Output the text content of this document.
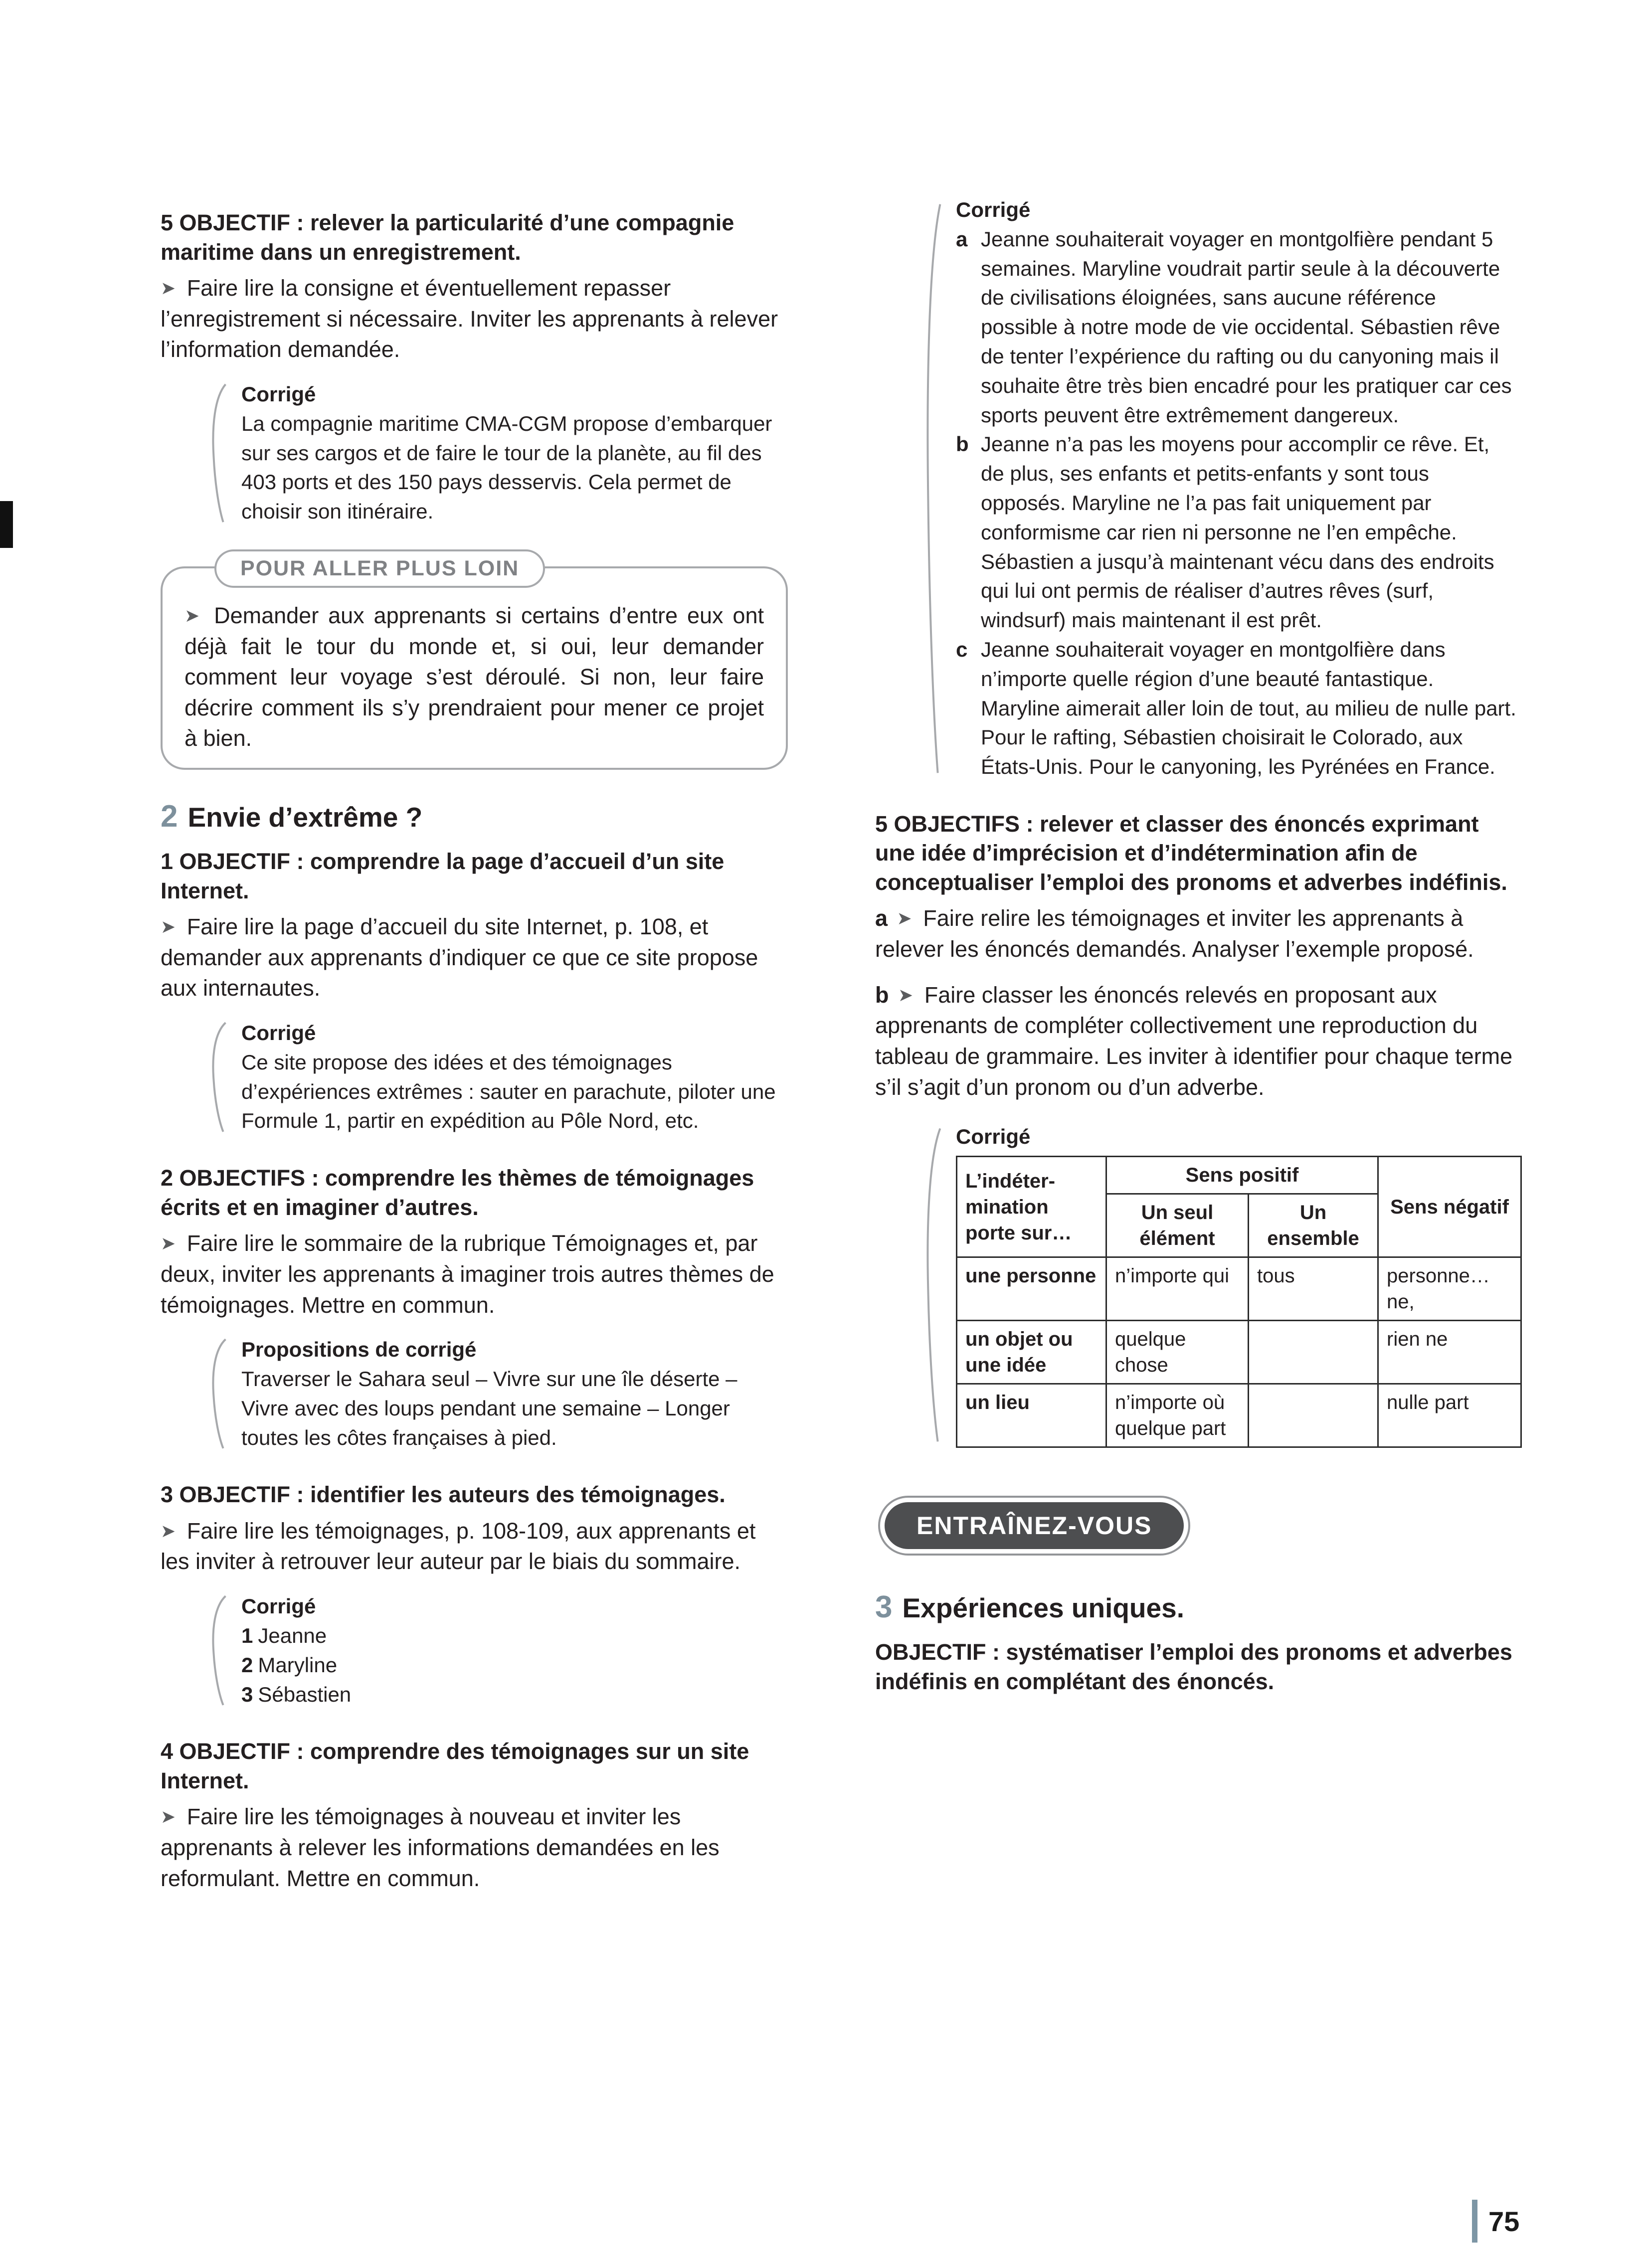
5 OBJECTIF : relever la particularité d’une compagnie maritime dans un enregistrement.

➤ Faire lire la consigne et éventuellement repasser l’enregistrement si nécessaire. Inviter les apprenants à relever l’information demandée.

Corrigé
La compagnie maritime CMA-CGM propose d’embarquer sur ses cargos et de faire le tour de la planète, au fil des 403 ports et des 150 pays desservis. Cela permet de choisir son itinéraire.
POUR ALLER PLUS LOIN

➤ Demander aux apprenants si certains d’entre eux ont déjà fait le tour du monde et, si oui, leur demander comment leur voyage s’est déroulé. Si non, leur faire décrire comment ils s’y prendraient pour mener ce projet à bien.

2 Envie d’extrême ?
1 OBJECTIF : comprendre la page d’accueil d’un site Internet.

➤ Faire lire la page d’accueil du site Internet, p. 108, et demander aux apprenants d’indiquer ce que ce site propose aux internautes.

Corrigé
Ce site propose des idées et des témoignages d’expériences extrêmes : sauter en parachute, piloter une Formule 1, partir en expédition au Pôle Nord, etc.
2 OBJECTIFS : comprendre les thèmes de témoignages écrits et en imaginer d’autres.

➤ Faire lire le sommaire de la rubrique Témoignages et, par deux, inviter les apprenants à imaginer trois autres thèmes de témoignages. Mettre en commun.

Propositions de corrigé
Traverser le Sahara seul – Vivre sur une île déserte – Vivre avec des loups pendant une semaine – Longer toutes les côtes françaises à pied.
3 OBJECTIF : identifier les auteurs des témoignages.

➤ Faire lire les témoignages, p. 108-109, aux apprenants et les inviter à retrouver leur auteur par le biais du sommaire.

Corrigé
1 Jeanne
2 Maryline
3 Sébastien
4 OBJECTIF : comprendre des témoignages sur un site Internet.

➤ Faire lire les témoignages à nouveau et inviter les apprenants à relever les informations demandées en les reformulant. Mettre en commun.

Corrigé
a Jeanne souhaiterait voyager en montgolfière pendant 5 semaines. Maryline voudrait partir seule à la découverte de civilisations éloignées, sans aucune référence possible à notre mode de vie occidental. Sébastien rêve de tenter l’expérience du rafting ou du canyoning mais il souhaite être très bien encadré pour les pratiquer car ces sports peuvent être extrêmement dangereux.
b Jeanne n’a pas les moyens pour accomplir ce rêve. Et, de plus, ses enfants et petits-enfants y sont tous opposés. Maryline ne l’a pas fait uniquement par conformisme car rien ni personne ne l’en empêche. Sébastien a jusqu’à maintenant vécu dans des endroits qui lui ont permis de réaliser d’autres rêves (surf, windsurf) mais maintenant il est prêt.
c Jeanne souhaiterait voyager en montgolfière dans n’importe quelle région d’une beauté fantastique. Maryline aimerait aller loin de tout, au milieu de nulle part. Pour le rafting, Sébastien choisirait le Colorado, aux États-Unis. Pour le canyoning, les Pyrénées en France.
5 OBJECTIFS : relever et classer des énoncés exprimant une idée d’imprécision et d’indétermination afin de conceptualiser l’emploi des pronoms et adverbes indéfinis.

a ➤ Faire relire les témoignages et inviter les apprenants à relever les énoncés demandés. Analyser l’exemple proposé.

b ➤ Faire classer les énoncés relevés en proposant aux apprenants de compléter collectivement une reproduction du tableau de grammaire. Les inviter à identifier pour chaque terme s’il s’agit d’un pronom ou d’un adverbe.

Corrigé
L’indéter- mination porte sur…	Sens positif		Sens négatif
	Un seul élément	Un ensemble	
une personne	n’importe qui	tous	personne… ne,
un objet ou une idée	quelque chose		rien ne
un lieu	n’importe où quelque part		nulle part
ENTRAÎNEZ-VOUS
3 Expériences uniques.
OBJECTIF : systématiser l’emploi des pronoms et adverbes indéfinis en complétant des énoncés.
75
